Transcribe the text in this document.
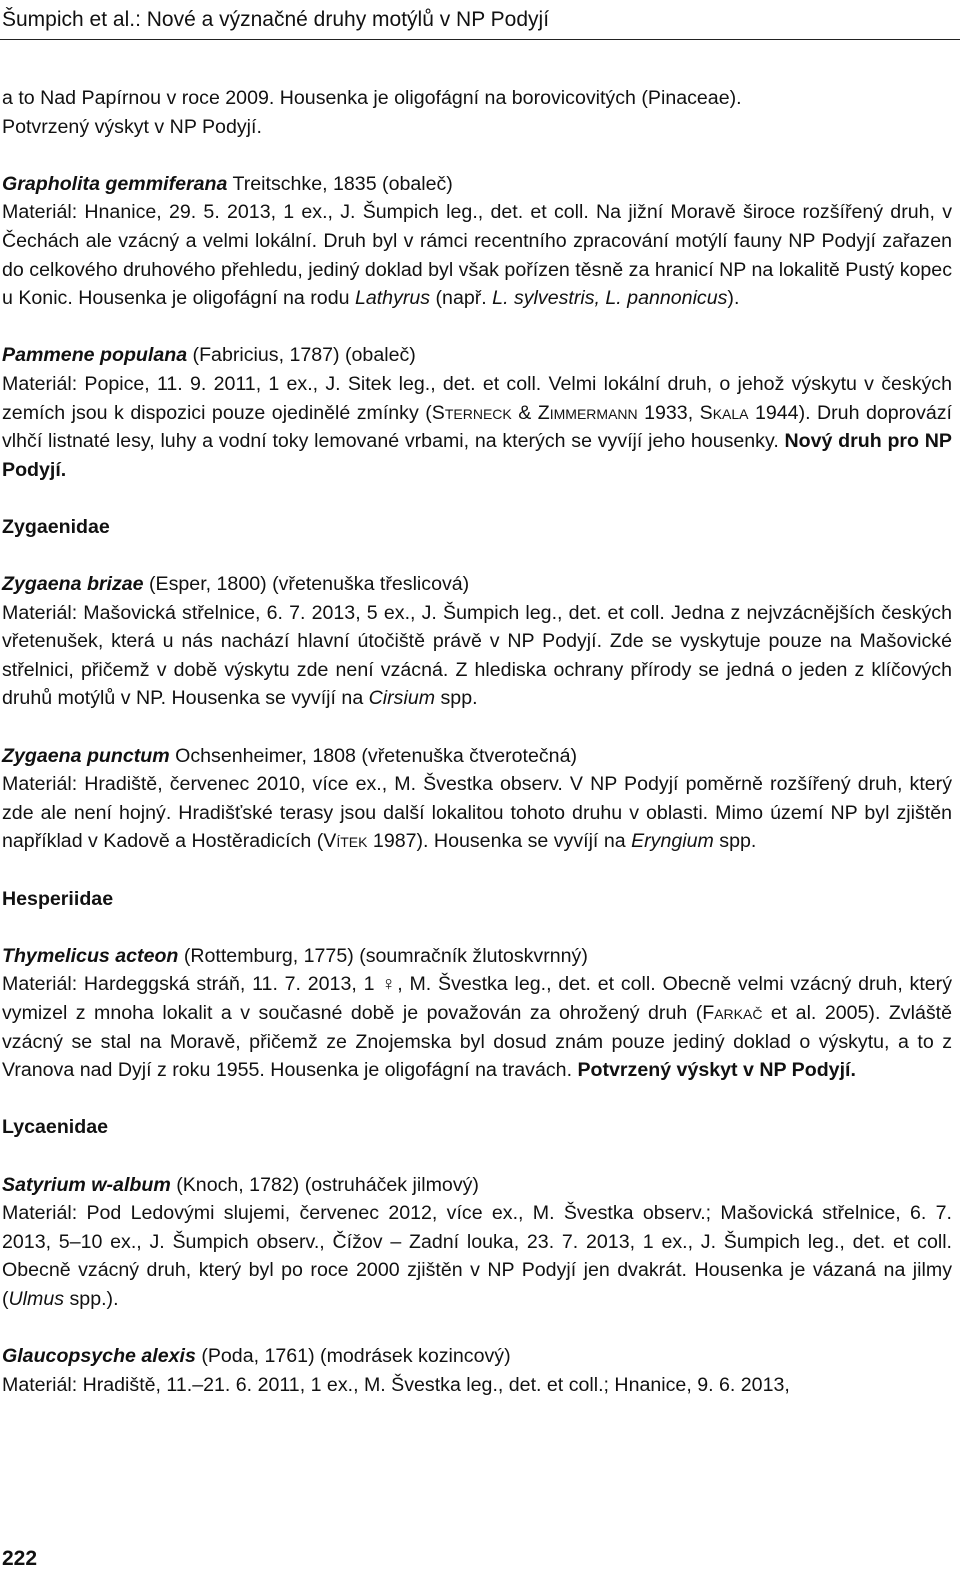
Šumpich et al.: Nové a význačné druhy motýlů v NP Podyjí

a to Nad Papírnou v roce 2009. Housenka je oligofágní na borovicovitých (Pinaceae).
Potvrzený výskyt v NP Podyjí.

Grapholita gemmiferana Treitschke, 1835 (obaleč)
Materiál: Hnanice, 29. 5. 2013, 1 ex., J. Šumpich leg., det. et coll. Na jižní Moravě široce rozšířený druh, v Čechách ale vzácný a velmi lokální. Druh byl v rámci recentního zpracování motýlí fauny NP Podyjí zařazen do celkového druhového přehledu, jediný doklad byl však pořízen těsně za hranicí NP na lokalitě Pustý kopec u Konic. Housenka je oligofágní na rodu Lathyrus (např. L. sylvestris, L. pannonicus).

Pammene populana (Fabricius, 1787) (obaleč)
Materiál: Popice, 11. 9. 2011, 1 ex., J. Sitek leg., det. et coll. Velmi lokální druh, o jehož výskytu v českých zemích jsou k dispozici pouze ojedinělé zmínky (Sterneck & Zimmermann 1933, Skala 1944). Druh doprovází vlhčí listnaté lesy, luhy a vodní toky lemované vrbami, na kterých se vyvíjí jeho housenky. Nový druh pro NP Podyjí.

Zygaenidae

Zygaena brizae (Esper, 1800) (vřetenuška třeslicová)
Materiál: Mašovická střelnice, 6. 7. 2013, 5 ex., J. Šumpich leg., det. et coll. Jedna z nejvzácnějších českých vřetenušek, která u nás nachází hlavní útočiště právě v NP Podyjí. Zde se vyskytuje pouze na Mašovické střelnici, přičemž v době výskytu zde není vzácná. Z hlediska ochrany přírody se jedná o jeden z klíčových druhů motýlů v NP. Housenka se vyvíjí na Cirsium spp.

Zygaena punctum Ochsenheimer, 1808 (vřetenuška čtverotečná)
Materiál: Hradiště, červenec 2010, více ex., M. Švestka observ. V NP Podyjí poměrně rozšířený druh, který zde ale není hojný. Hradišťské terasy jsou další lokalitou tohoto druhu v oblasti. Mimo území NP byl zjištěn například v Kadově a Hostěradicích (Vítek 1987). Housenka se vyvíjí na Eryngium spp.

Hesperiidae

Thymelicus acteon (Rottemburg, 1775) (soumračník žlutoskvrnný)
Materiál: Hardeggská stráň, 11. 7. 2013, 1 ♀, M. Švestka leg., det. et coll. Obecně velmi vzácný druh, který vymizel z mnoha lokalit a v současné době je považován za ohrožený druh (Farkač et al. 2005). Zvláště vzácný se stal na Moravě, přičemž ze Znojemska byl dosud znám pouze jediný doklad o výskytu, a to z Vranova nad Dyjí z roku 1955. Housenka je oligofágní na travách. Potvrzený výskyt v NP Podyjí.

Lycaenidae

Satyrium w-album (Knoch, 1782) (ostruháček jilmový)
Materiál: Pod Ledovými slujemi, červenec 2012, více ex., M. Švestka observ.; Mašovická střelnice, 6. 7. 2013, 5–10 ex., J. Šumpich observ., Čížov – Zadní louka, 23. 7. 2013, 1 ex., J. Šumpich leg., det. et coll. Obecně vzácný druh, který byl po roce 2000 zjištěn v NP Podyjí jen dvakrát. Housenka je vázaná na jilmy (Ulmus spp.).

Glaucopsyche alexis (Poda, 1761) (modrásek kozincový)
Materiál: Hradiště, 11.–21. 6. 2011, 1 ex., M. Švestka leg., det. et coll.; Hnanice, 9. 6. 2013,

222
